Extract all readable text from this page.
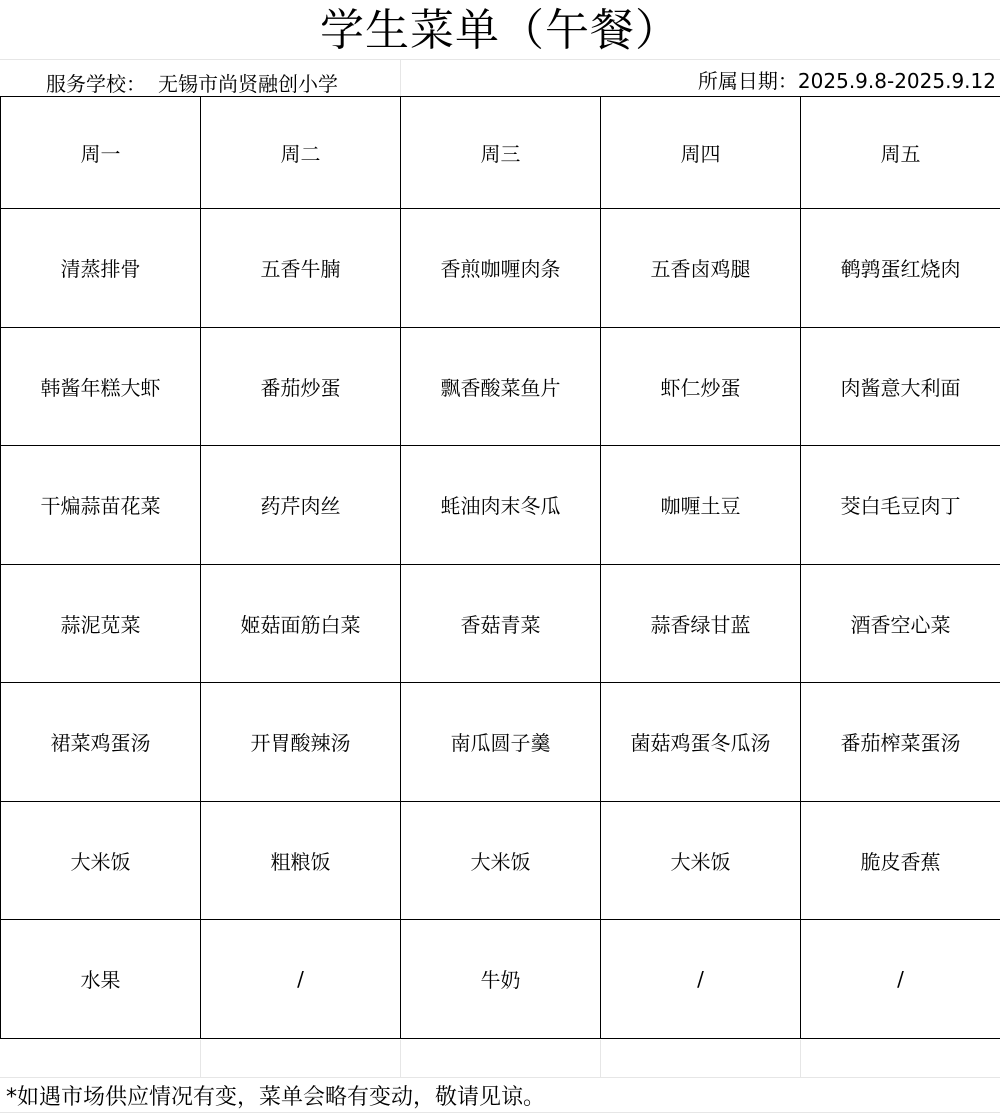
学生菜单（午餐）
服务学校： 无锡市尚贤融创小学	所属日期：2025.9.8-2025.9.12
周一	周二	周三	周四	周五
清蒸排骨	五香牛腩	香煎咖喱肉条	五香卤鸡腿	鹌鹑蛋红烧肉
韩酱年糕大虾	番茄炒蛋	飘香酸菜鱼片	虾仁炒蛋	肉酱意大利面
干煸蒜苗花菜	药芹肉丝	蚝油肉末冬瓜	咖喱土豆	茭白毛豆肉丁
蒜泥苋菜	姬菇面筋白菜	香菇青菜	蒜香绿甘蓝	酒香空心菜
裙菜鸡蛋汤	开胃酸辣汤	南瓜圆子羹	菌菇鸡蛋冬瓜汤	番茄榨菜蛋汤
大米饭	粗粮饭	大米饭	大米饭	脆皮香蕉
水果	/	牛奶	/	/
*如遇市场供应情况有变，菜单会略有变动，敬请见谅。
